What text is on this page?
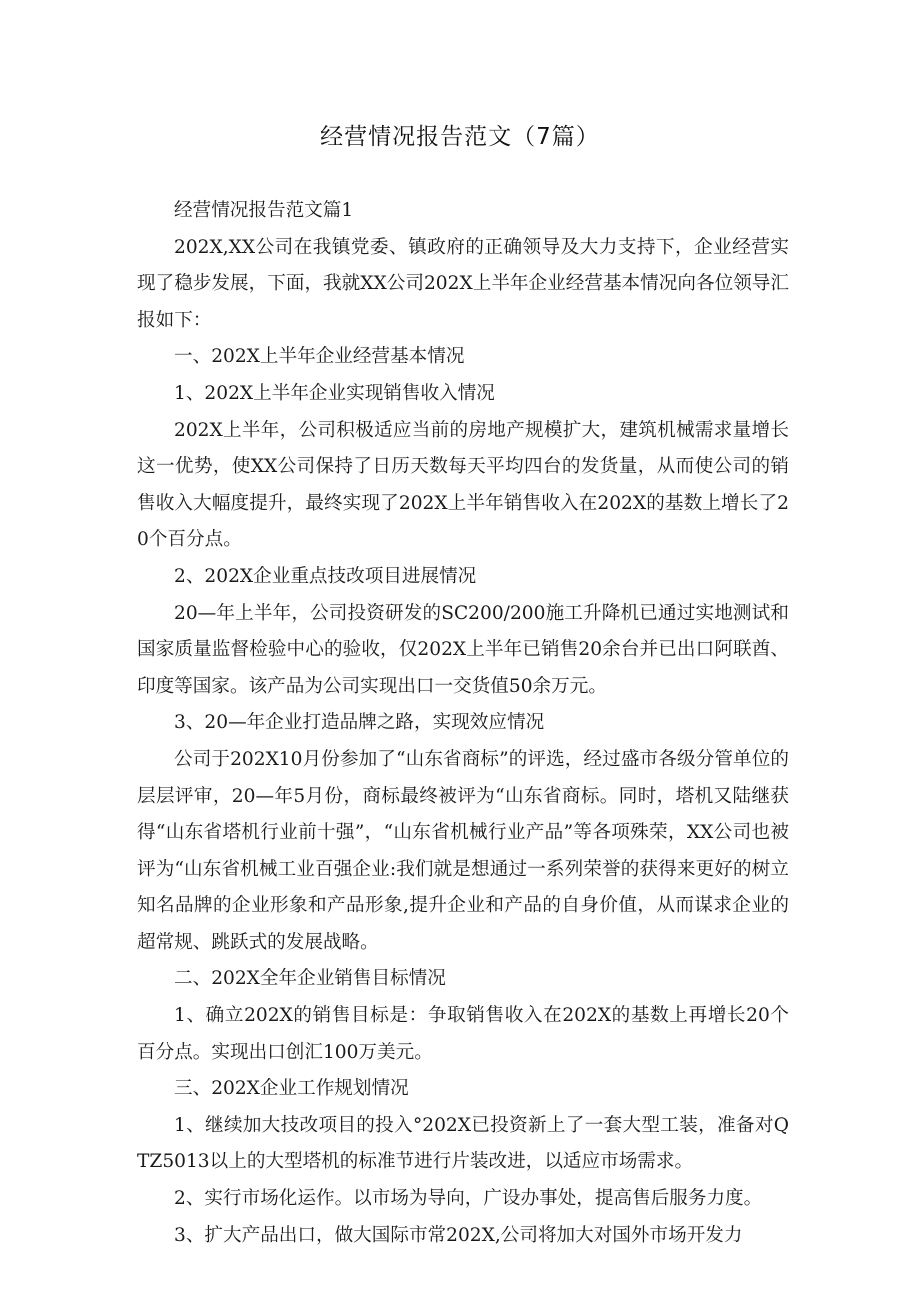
经营情况报告范文（7篇）

经营情况报告范文篇1

202X,XX公司在我镇党委、镇政府的正确领导及大力支持下，企业经营实现了稳步发展，下面，我就XX公司202X上半年企业经营基本情况向各位领导汇报如下：

一、202X上半年企业经营基本情况

1、202X上半年企业实现销售收入情况

202X上半年，公司积极适应当前的房地产规模扩大，建筑机械需求量增长这一优势，使XX公司保持了日历天数每天平均四台的发货量，从而使公司的销售收入大幅度提升，最终实现了202X上半年销售收入在202X的基数上增长了20个百分点。

2、202X企业重点技改项目进展情况

20—年上半年，公司投资研发的SC200/200施工升降机已通过实地测试和国家质量监督检验中心的验收，仅202X上半年已销售20余台并已出口阿联酋、印度等国家。该产品为公司实现出口一交货值50余万元。

3、20—年企业打造品牌之路，实现效应情况

公司于202X10月份参加了“山东省商标”的评选，经过盛市各级分管单位的层层评审，20—年5月份，商标最终被评为“山东省商标。同时，塔机又陆继获得“山东省塔机行业前十强”，“山东省机械行业产品”等各项殊荣，XX公司也被评为“山东省机械工业百强企业:我们就是想通过一系列荣誉的获得来更好的树立知名品牌的企业形象和产品形象,提升企业和产品的自身价值，从而谋求企业的超常规、跳跃式的发展战略。

二、202X全年企业销售目标情况

1、确立202X的销售目标是：争取销售收入在202X的基数上再增长20个百分点。实现出口创汇100万美元。

三、202X企业工作规划情况

1、继续加大技改项目的投入°202X已投资新上了一套大型工装，准备对QTZ5013以上的大型塔机的标准节进行片装改进，以适应市场需求。

2、实行市场化运作。以市场为导向，广设办事处，提高售后服务力度。

3、扩大产品出口，做大国际市常202X,公司将加大对国外市场开发力
